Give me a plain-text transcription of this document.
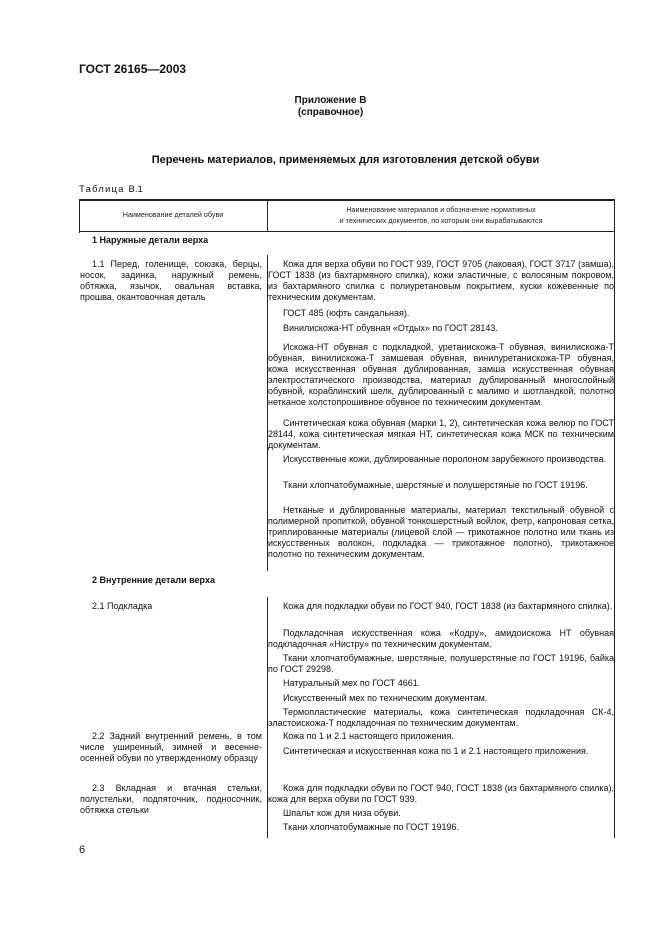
ГОСТ 26165—2003
Приложение В
(справочное)
Перечень материалов, применяемых для изготовления детской обуви
Таблица В.1
Наименование деталей обуви
Наименование материалов и обозначение нормативных
и технических документов, по которым они вырабатываются
1 Наружные детали верха
1.1 Перед, голенище, союзка, берцы, носок, задинка, наружный ремень, обтяжка, язычок, овальная вставка, прошва, окантовочная деталь
Кожа для верха обуви по ГОСТ 939, ГОСТ 9705 (лаковая), ГОСТ 3717 (замша), ГОСТ 1838 (из бахтармяного спилка), кожи эластичные, с волосяным покровом, из бахтармяного спилка с полиуретановым покрытием, куски кожевенные по техническим документам.
ГОСТ 485 (юфть сандальная).
Винилискожа-НТ обувная «Отдых» по ГОСТ 28143.
Искожа-НТ обувная с подкладкой, уретанискожа-Т обувная, винилискожа-Т обувная, винилискожа-Т замшевая обувная, винилуретанискожа-ТР обувная, кожа искусственная обувная дублированная, замша искусственная обувная электростатического производства, материал дублированный многослойный обувной, кораблинский шелк, дублированный с малимо и шотландкой, полотно нетканое холстопрошивное обувное по техническим документам.
Синтетическая кожа обувная (марки 1, 2), синтетическая кожа велюр по ГОСТ 28144, кожа синтетическая мягкая НТ, синтетическая кожа МСК по техническим документам.
Искусственные кожи, дублированные поролоном зарубежного производства.
Ткани хлопчатобумажные, шерстяные и полушерстяные по ГОСТ 19196.
Нетканые и дублированные материалы, материал текстильный обувной с полимерной пропиткой, обувной тонкошерстный войлок, фетр, капроновая сетка, триплированные материалы (лицевой слой — трикотажное полотно или ткань из искусственных волокон, подкладка — трикотажное полотно), трикотажное полотно по техническим документам.
2 Внутренние детали верха
2.1 Подкладка
2.2 Задний внутренний ремень, в том числе уширенный, зимней и весенне-осенней обуви по утвержденному образцу
2.3 Вкладная и втачная стельки, полустельки, подпяточник, подносочник, обтяжка стельки
Кожа для подкладки обуви по ГОСТ 940, ГОСТ 1838 (из бахтармяного спилка).
Подкладочная искусственная кожа «Кодру», амидоискожа НТ обувная подкладочная «Нистру» по техническим документам.
Ткани хлопчатобумажные, шерстяные, полушерстяные по ГОСТ 19196, байка по ГОСТ 29298.
Натуральный мех по ГОСТ 4661.
Искусственный мех по техническим документам.
Термопластические материалы, кожа синтетическая подкладочная СК-4, эластоискожа-Т подкладочная по техническим документам.
Кожа по 1 и 2.1 настоящего приложения.
Синтетическая и искусственная кожа по 1 и 2.1 настоящего приложения.
Кожа для подкладки обуви по ГОСТ 940, ГОСТ 1838 (из бахтармяного спилка), кожа для верха обуви по ГОСТ 939.
Шпальт кож для низа обуви.
Ткани хлопчатобумажные по ГОСТ 19196.
6
